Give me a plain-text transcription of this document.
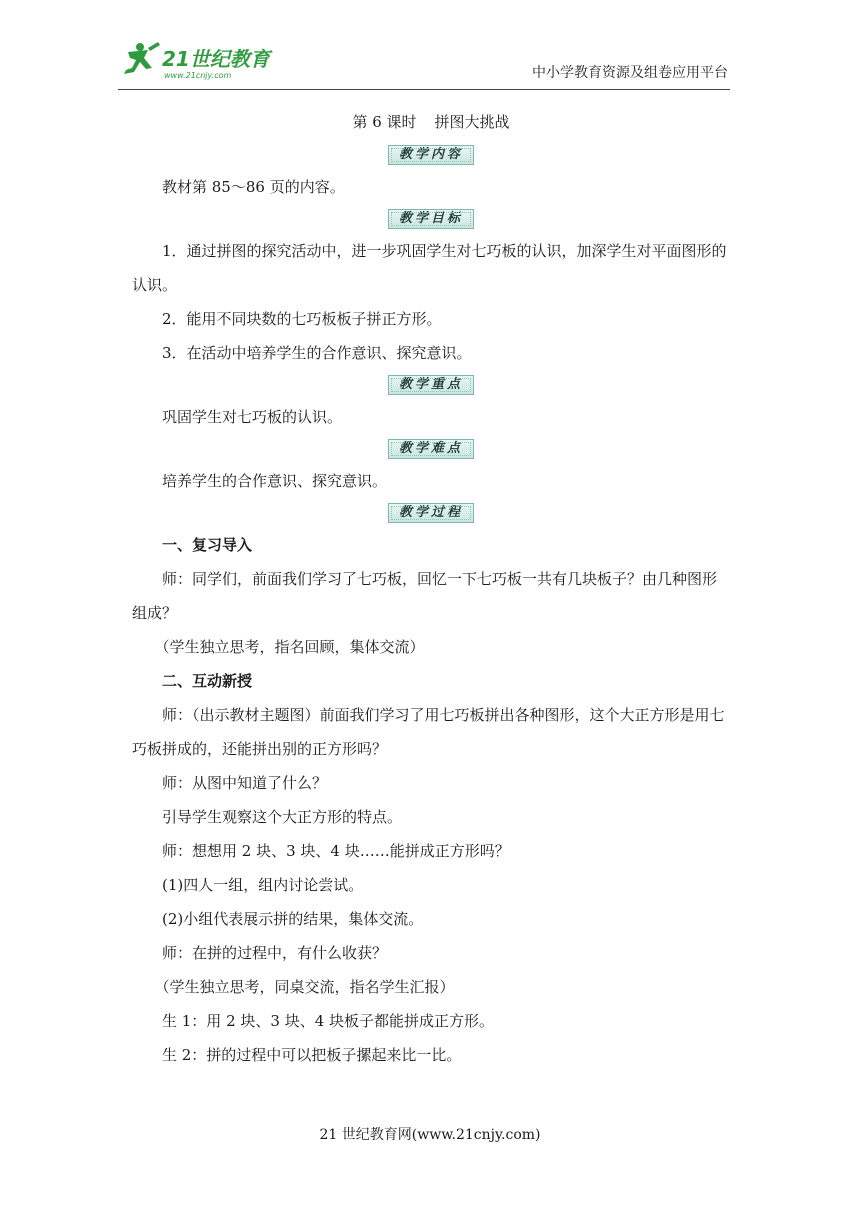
21世纪教育
www.21cnjy.com	中小学教育资源及组卷应用平台

第 6 课时 拼图大挑战

教学内容

教材第 85～86 页的内容。

教学目标

1．通过拼图的探究活动中，进一步巩固学生对七巧板的认识，加深学生对平面图形的认识。

2．能用不同块数的七巧板板子拼正方形。

3．在活动中培养学生的合作意识、探究意识。

教学重点

巩固学生对七巧板的认识。

教学难点

培养学生的合作意识、探究意识。

教学过程

一、复习导入

师：同学们，前面我们学习了七巧板，回忆一下七巧板一共有几块板子？由几种图形组成？

（学生独立思考，指名回顾，集体交流）

二、互动新授

师：（出示教材主题图）前面我们学习了用七巧板拼出各种图形，这个大正方形是用七巧板拼成的，还能拼出别的正方形吗？

师：从图中知道了什么？

引导学生观察这个大正方形的特点。

师：想想用 2 块、3 块、4 块……能拼成正方形吗？

(1)四人一组，组内讨论尝试。

(2)小组代表展示拼的结果，集体交流。

师：在拼的过程中，有什么收获？

（学生独立思考，同桌交流，指名学生汇报）

生 1：用 2 块、3 块、4 块板子都能拼成正方形。

生 2：拼的过程中可以把板子摞起来比一比。

21 世纪教育网(www.21cnjy.com)
